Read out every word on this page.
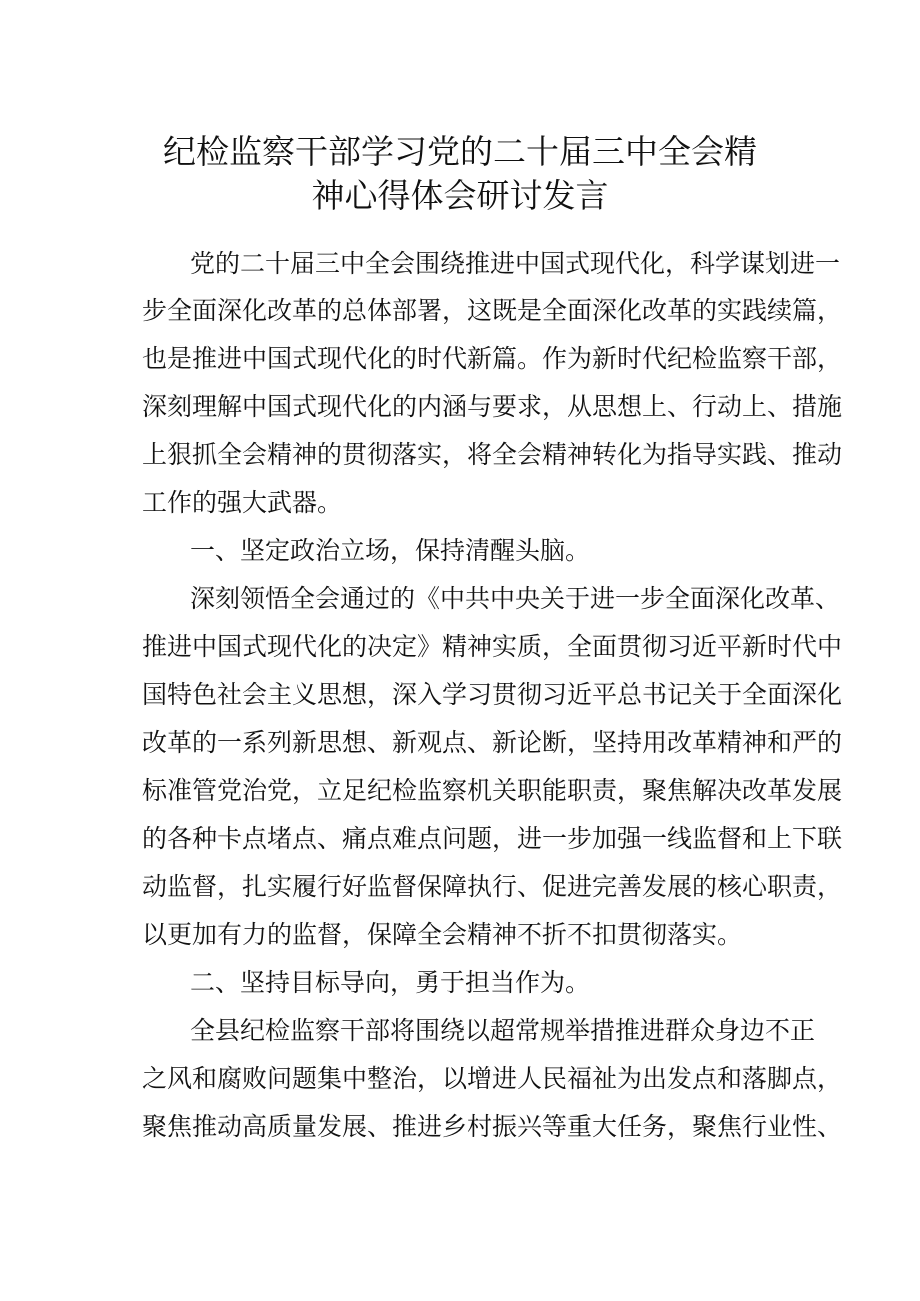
纪检监察干部学习党的二十届三中全会精
神心得体会研讨发言
党的二十届三中全会围绕推进中国式现代化，科学谋划进一
步全面深化改革的总体部署，这既是全面深化改革的实践续篇，
也是推进中国式现代化的时代新篇。作为新时代纪检监察干部，
深刻理解中国式现代化的内涵与要求，从思想上、行动上、措施
上狠抓全会精神的贯彻落实，将全会精神转化为指导实践、推动
工作的强大武器。
一、坚定政治立场，保持清醒头脑。
深刻领悟全会通过的《中共中央关于进一步全面深化改革、
推进中国式现代化的决定》精神实质，全面贯彻习近平新时代中
国特色社会主义思想，深入学习贯彻习近平总书记关于全面深化
改革的一系列新思想、新观点、新论断，坚持用改革精神和严的
标准管党治党，立足纪检监察机关职能职责，聚焦解决改革发展
的各种卡点堵点、痛点难点问题，进一步加强一线监督和上下联
动监督，扎实履行好监督保障执行、促进完善发展的核心职责，
以更加有力的监督，保障全会精神不折不扣贯彻落实。
二、坚持目标导向，勇于担当作为。
全县纪检监察干部将围绕以超常规举措推进群众身边不正
之风和腐败问题集中整治，以增进人民福祉为出发点和落脚点，
聚焦推动高质量发展、推进乡村振兴等重大任务，聚焦行业性、
